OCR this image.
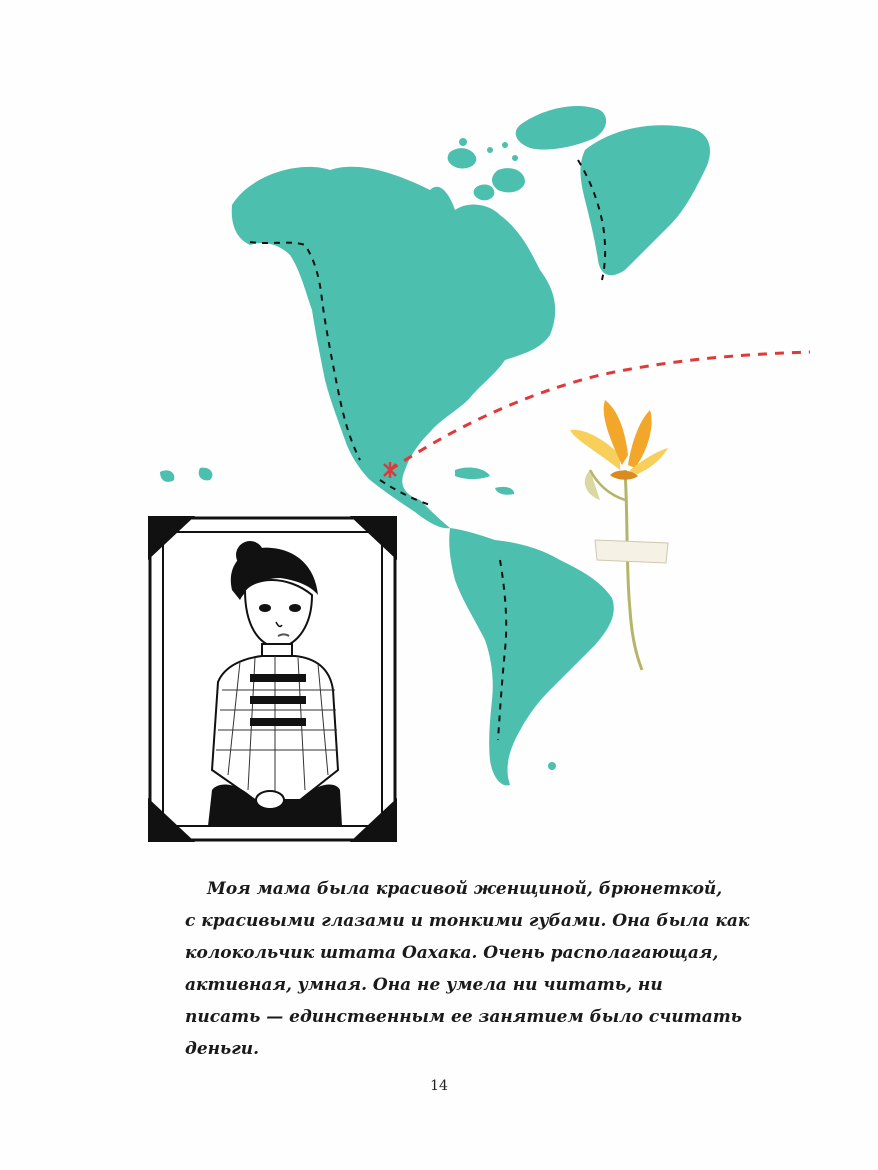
Моя мама была красивой женщиной, брюнеткой,
с красивыми глазами и тонкими губами. Она была как
колокольчик штата Оахака. Очень располагающая,
активная, умная. Она не умела ни читать, ни
писать — единственным ее занятием было считать
деньги.

14
